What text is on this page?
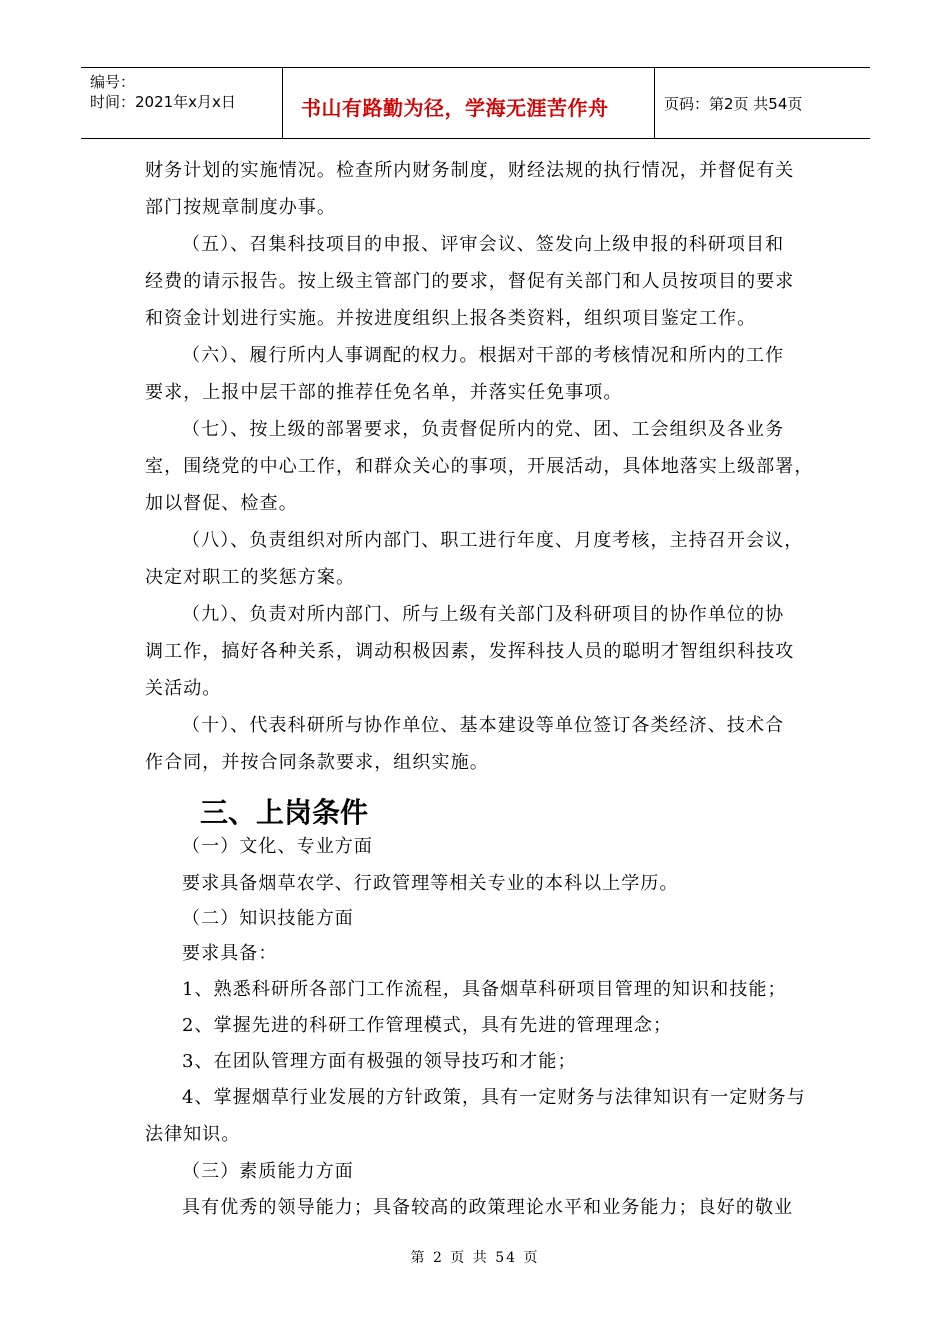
编号：
时间：2021年x月x日	书山有路勤为径，学海无涯苦作舟	页码：第2页 共54页
财务计划的实施情况。检查所内财务制度，财经法规的执行情况，并督促有关
部门按规章制度办事。
（五）、召集科技项目的申报、评审会议、签发向上级申报的科研项目和
经费的请示报告。按上级主管部门的要求，督促有关部门和人员按项目的要求
和资金计划进行实施。并按进度组织上报各类资料，组织项目鉴定工作。
（六）、履行所内人事调配的权力。根据对干部的考核情况和所内的工作
要求，上报中层干部的推荐任免名单，并落实任免事项。
（七）、按上级的部署要求，负责督促所内的党、团、工会组织及各业务
室，围绕党的中心工作，和群众关心的事项，开展活动，具体地落实上级部署，
加以督促、检查。
（八）、负责组织对所内部门、职工进行年度、月度考核，主持召开会议，
决定对职工的奖惩方案。
（九）、负责对所内部门、所与上级有关部门及科研项目的协作单位的协
调工作，搞好各种关系，调动积极因素，发挥科技人员的聪明才智组织科技攻
关活动。
（十）、代表科研所与协作单位、基本建设等单位签订各类经济、技术合
作合同，并按合同条款要求，组织实施。
三、上岗条件
（一）文化、专业方面
要求具备烟草农学、行政管理等相关专业的本科以上学历。
（二）知识技能方面
要求具备：
1、熟悉科研所各部门工作流程，具备烟草科研项目管理的知识和技能；
2、掌握先进的科研工作管理模式，具有先进的管理理念；
3、在团队管理方面有极强的领导技巧和才能；
4、掌握烟草行业发展的方针政策，具有一定财务与法律知识有一定财务与
法律知识。
（三）素质能力方面
具有优秀的领导能力；具备较高的政策理论水平和业务能力；良好的敬业
第 2 页 共 54 页
